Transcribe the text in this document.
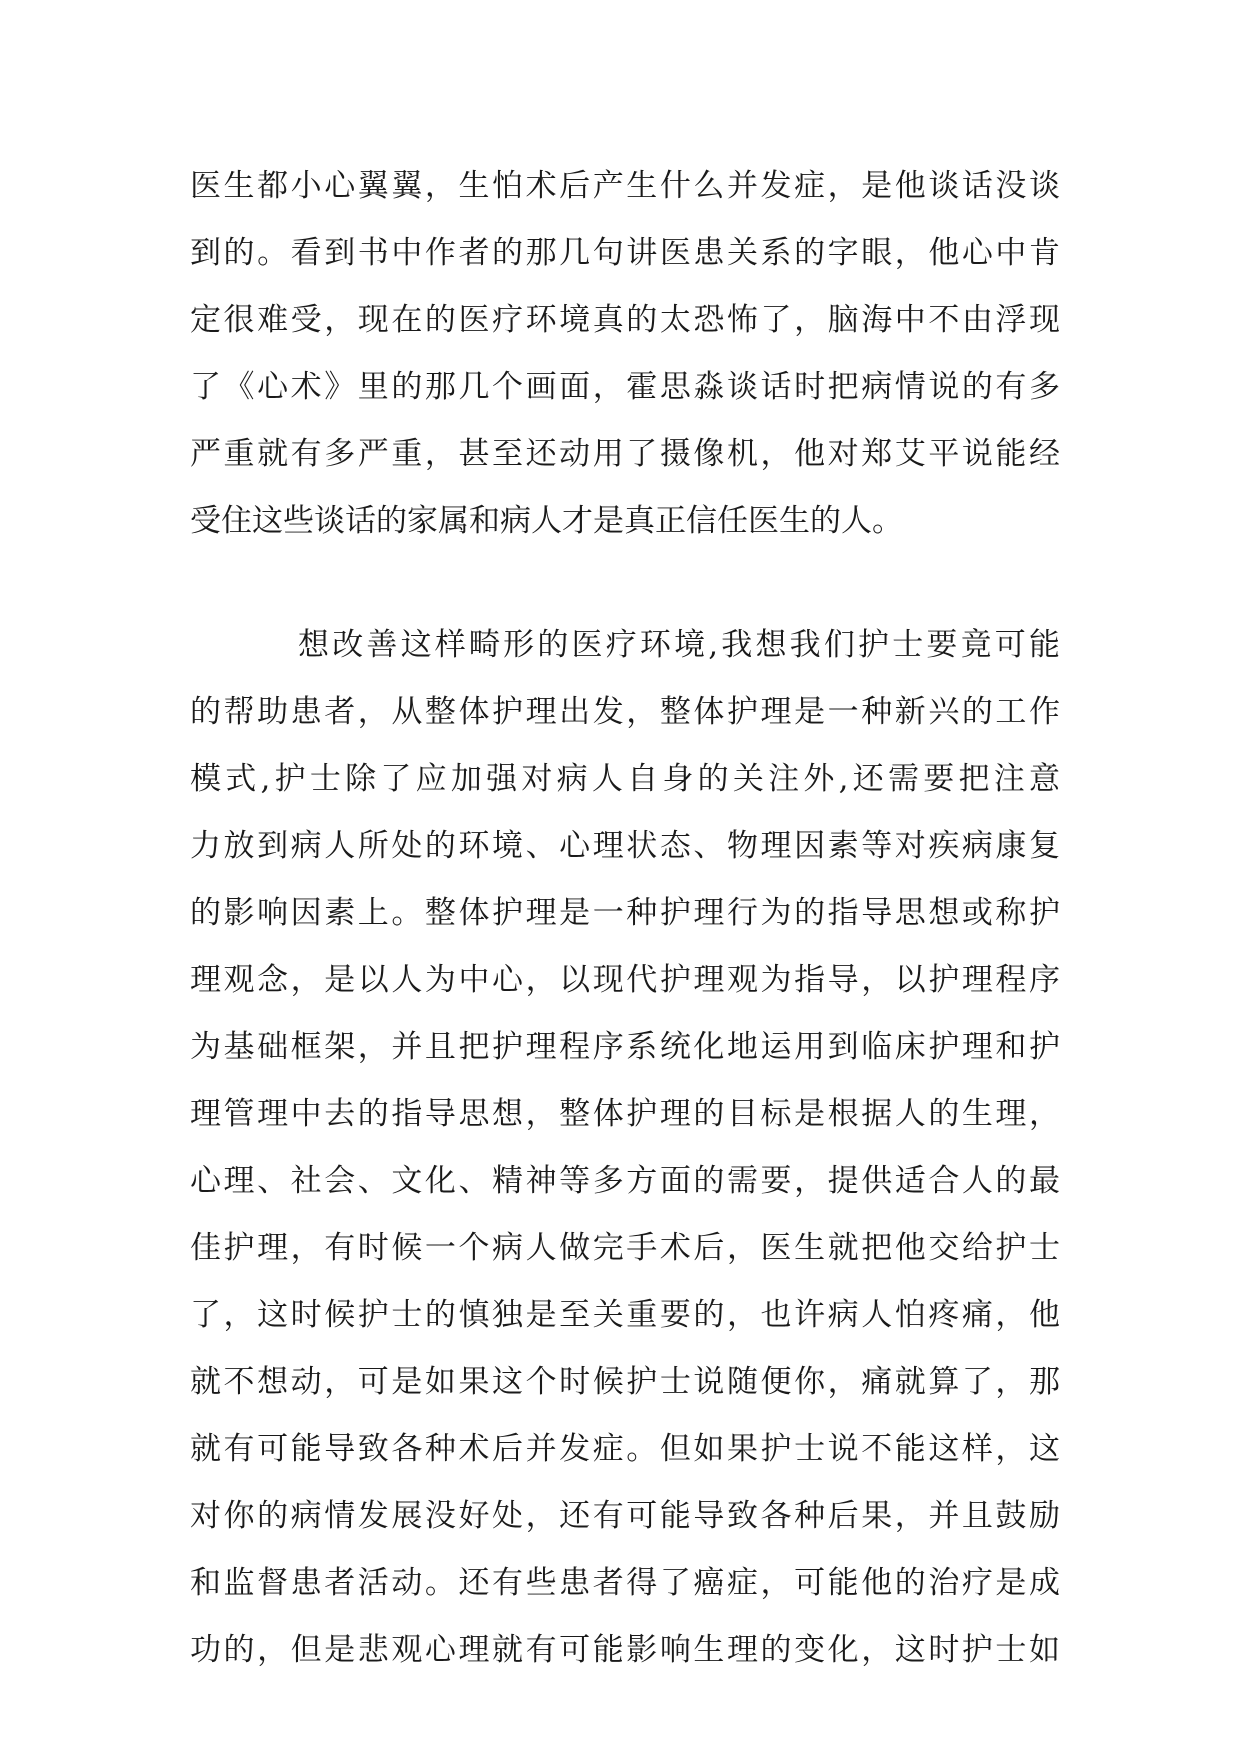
医生都小心翼翼，生怕术后产生什么并发症，是他谈话没谈
到的。看到书中作者的那几句讲医患关系的字眼，他心中肯
定很难受，现在的医疗环境真的太恐怖了，脑海中不由浮现
了《心术》里的那几个画面，霍思淼谈话时把病情说的有多
严重就有多严重，甚至还动用了摄像机，他对郑艾平说能经
受住这些谈话的家属和病人才是真正信任医生的人。
想改善这样畸形的医疗环境,我想我们护士要竟可能
的帮助患者，从整体护理出发，整体护理是一种新兴的工作
模式,护士除了应加强对病人自身的关注外,还需要把注意
力放到病人所处的环境、心理状态、物理因素等对疾病康复
的影响因素上。整体护理是一种护理行为的指导思想或称护
理观念，是以人为中心，以现代护理观为指导，以护理程序
为基础框架，并且把护理程序系统化地运用到临床护理和护
理管理中去的指导思想，整体护理的目标是根据人的生理，
心理、社会、文化、精神等多方面的需要，提供适合人的最
佳护理，有时候一个病人做完手术后，医生就把他交给护士
了，这时候护士的慎独是至关重要的，也许病人怕疼痛，他
就不想动，可是如果这个时候护士说随便你，痛就算了，那
就有可能导致各种术后并发症。但如果护士说不能这样，这
对你的病情发展没好处，还有可能导致各种后果，并且鼓励
和监督患者活动。还有些患者得了癌症，可能他的治疗是成
功的，但是悲观心理就有可能影响生理的变化，这时护士如
